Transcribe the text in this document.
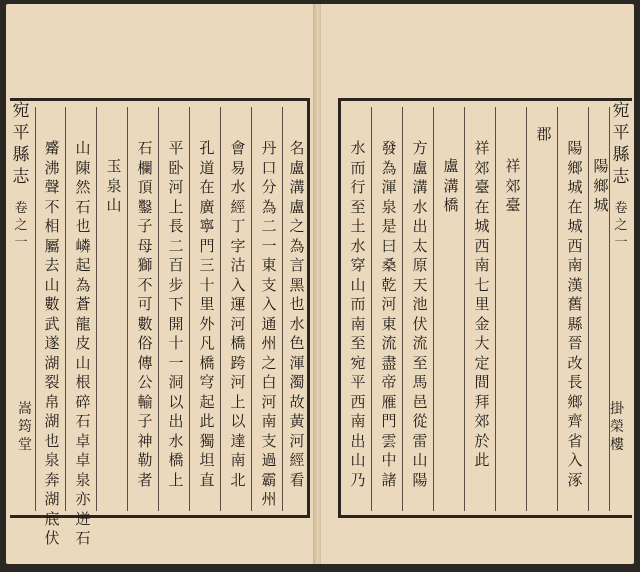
觱
沸
聲
不
相
屬
去
山
數
武
遂
湖
裂
帛
湖
也
泉
奔
湖
底
伏
山
陳
然
石
也
嶙
起
為
蒼
龍
皮
山
根
碎
石
卓
卓
泉
亦
迸
石
玉
泉
山
石
欄
頂
鑿
子
母
獅
不
可
數
俗
傳
公
輸
子
神
勒
者
平
卧
河
上
長
二
百
步
下
開
十
一
洞
以
出
水
橋
上
孔
道
在
廣
寧
門
三
十
里
外
凡
橋
穹
起
此
獨
坦
直
會
易
水
經
丁
字
沽
入
運
河
橋
跨
河
上
以
達
南
北
丹
口
分
為
二
一
東
支
入
通
州
之
白
河
南
支
過
霸
州
名
盧
溝
盧
之
為
言
黑
也
水
色
渾
濁
故
黃
河
經
看
宛
平
縣
志
卷
之
一
嵩
筠
堂
水
而
行
至
土
水
穿
山
而
南
至
宛
平
西
南
出
山
乃
發
為
渾
泉
是
曰
桑
乾
河
東
流
盡
帝
雁
門
雲
中
諸
方
盧
溝
水
出
太
原
天
池
伏
流
至
馬
邑
從
雷
山
陽
盧
溝
橋
祥
郊
臺
在
城
西
南
七
里
金
大
定
間
拜
郊
於
此
祥
郊
臺
郡
陽
鄉
城
在
城
西
南
漢
舊
縣
晉
改
長
鄉
齊
省
入
涿
陽
鄉
城
宛
平
縣
志
卷
之
一
掛
榮
樓
